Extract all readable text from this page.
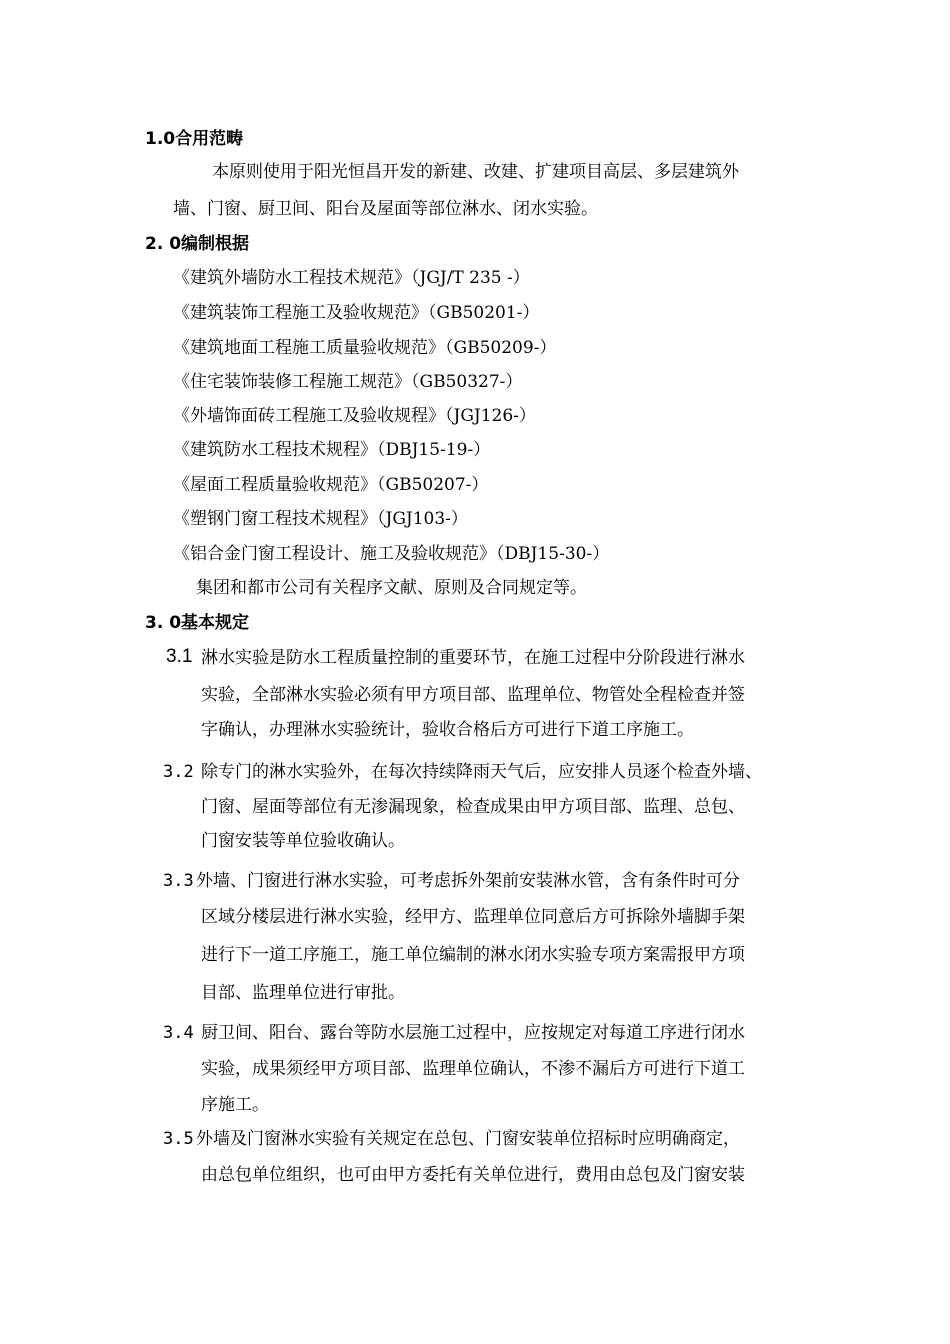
1.0合用范畴
本原则使用于阳光恒昌开发的新建、改建、扩建项目高层、多层建筑外
墙、门窗、厨卫间、阳台及屋面等部位淋水、闭水实验。
2. 0编制根据
《建筑外墙防水工程技术规范》（JGJ/T 235 -）
《建筑装饰工程施工及验收规范》（GB50201-）
《建筑地面工程施工质量验收规范》（GB50209-）
《住宅装饰装修工程施工规范》（GB50327-）
《外墙饰面砖工程施工及验收规程》（JGJ126-）
《建筑防水工程技术规程》（DBJ15-19-）
《屋面工程质量验收规范》（GB50207-）
《塑钢门窗工程技术规程》（JGJ103-）
《铝合金门窗工程设计、施工及验收规范》（DBJ15-30-）
集团和都市公司有关程序文献、原则及合同规定等。
3. 0基本规定
3.1 淋水实验是防水工程质量控制的重要环节，在施工过程中分阶段进行淋水
实验，全部淋水实验必须有甲方项目部、监理单位、物管处全程检查并签
字确认，办理淋水实验统计，验收合格后方可进行下道工序施工。
3.2 除专门的淋水实验外，在每次持续降雨天气后，应安排人员逐个检查外墙、
门窗、屋面等部位有无渗漏现象，检查成果由甲方项目部、监理、总包、
门窗安装等单位验收确认。
3.3 外墙、门窗进行淋水实验，可考虑拆外架前安装淋水管，含有条件时可分
区域分楼层进行淋水实验，经甲方、监理单位同意后方可拆除外墙脚手架
进行下一道工序施工，施工单位编制的淋水闭水实验专项方案需报甲方项
目部、监理单位进行审批。
3.4 厨卫间、阳台、露台等防水层施工过程中，应按规定对每道工序进行闭水
实验，成果须经甲方项目部、监理单位确认，不渗不漏后方可进行下道工
序施工。
3.5 外墙及门窗淋水实验有关规定在总包、门窗安装单位招标时应明确商定，
由总包单位组织，也可由甲方委托有关单位进行，费用由总包及门窗安装
